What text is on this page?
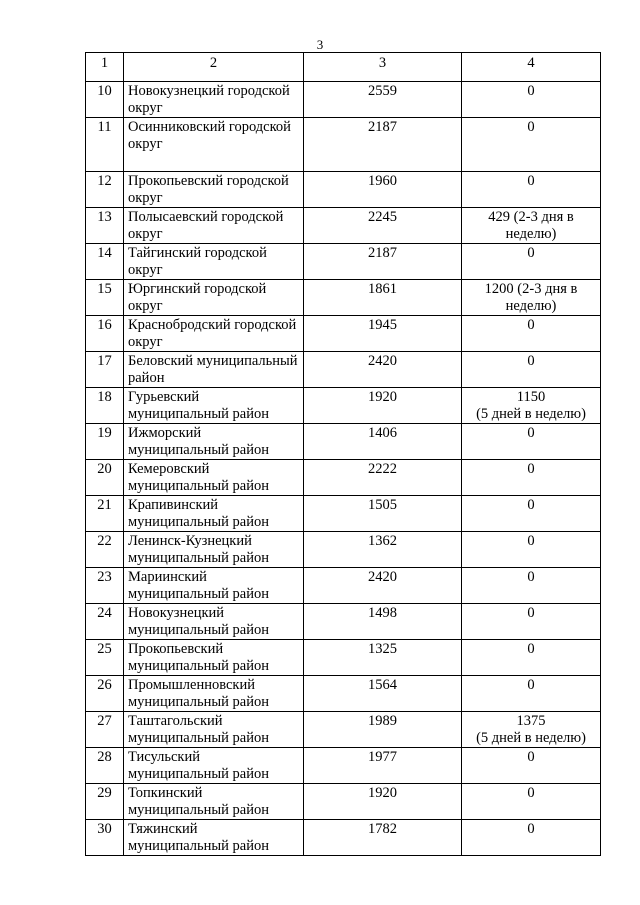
3
1	2	3	4
10	Новокузнецкий городской округ	2559	0
11	Осинниковский городской округ	2187	0
12	Прокопьевский городской округ	1960	0
13	Полысаевский городской округ	2245	429 (2-3 дня в неделю)
14	Тайгинский городской округ	2187	0
15	Юргинский городской округ	1861	1200 (2-3 дня в неделю)
16	Краснобродский городской округ	1945	0
17	Беловский муниципальный район	2420	0
18	Гурьевский муниципальный район	1920	1150
(5 дней в неделю)
19	Ижморский муниципальный район	1406	0
20	Кемеровский муниципальный район	2222	0
21	Крапивинский муниципальный район	1505	0
22	Ленинск-Кузнецкий муниципальный район	1362	0
23	Мариинский муниципальный район	2420	0
24	Новокузнецкий муниципальный район	1498	0
25	Прокопьевский муниципальный район	1325	0
26	Промышленновский муниципальный район	1564	0
27	Таштагольский муниципальный район	1989	1375
(5 дней в неделю)
28	Тисульский муниципальный район	1977	0
29	Топкинский муниципальный район	1920	0
30	Тяжинский муниципальный район	1782	0
